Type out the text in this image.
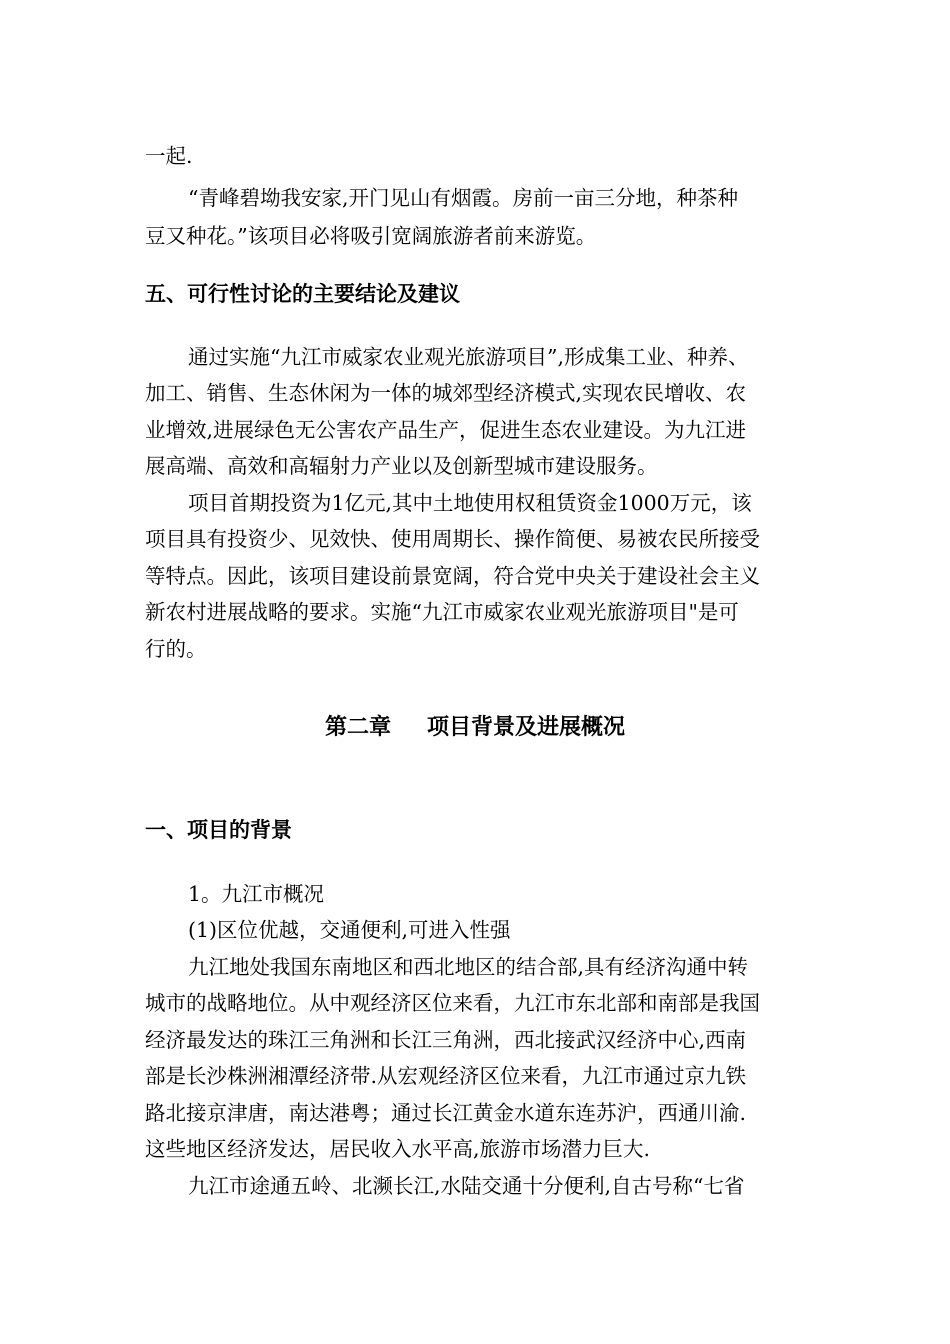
一起.
“青峰碧坳我安家,开门见山有烟霞。房前一亩三分地，种茶种
豆又种花。”该项目必将吸引宽阔旅游者前来游览。
五、可行性讨论的主要结论及建议
通过实施“九江市威家农业观光旅游项目”,形成集工业、种养、
加工、销售、生态休闲为一体的城郊型经济模式,实现农民增收、农
业增效,进展绿色无公害农产品生产，促进生态农业建设。为九江进
展高端、高效和高辐射力产业以及创新型城市建设服务。
项目首期投资为1亿元,其中土地使用权租赁资金1000万元，该
项目具有投资少、见效快、使用周期长、操作简便、易被农民所接受
等特点。因此，该项目建设前景宽阔，符合党中央关于建设社会主义
新农村进展战略的要求。实施“九江市威家农业观光旅游项目"是可
行的。
第二章 项目背景及进展概况
一、项目的背景
1。九江市概况
(1)区位优越，交通便利,可进入性强
九江地处我国东南地区和西北地区的结合部,具有经济沟通中转
城市的战略地位。从中观经济区位来看，九江市东北部和南部是我国
经济最发达的珠江三角洲和长江三角洲，西北接武汉经济中心,西南
部是长沙株洲湘潭经济带.从宏观经济区位来看，九江市通过京九铁
路北接京津唐，南达港粤；通过长江黄金水道东连苏沪，西通川渝.
这些地区经济发达，居民收入水平高,旅游市场潜力巨大.
九江市途通五岭、北濒长江,水陆交通十分便利,自古号称“七省
